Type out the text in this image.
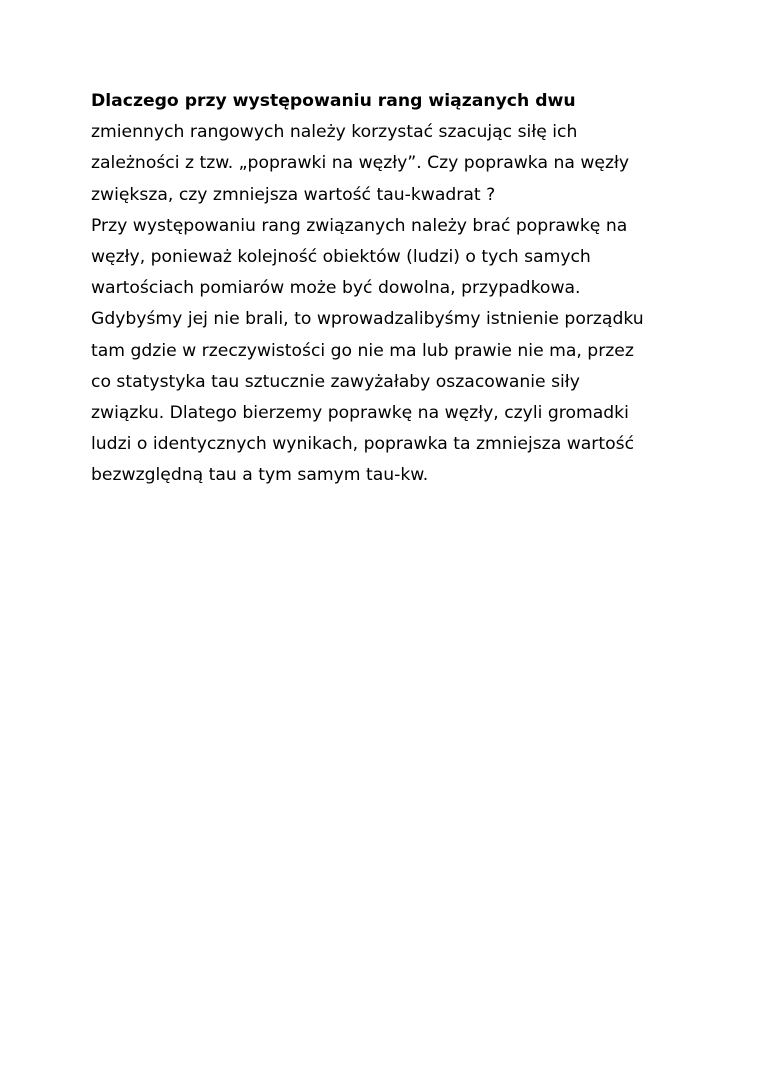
Dlaczego przy występowaniu rang wiązanych dwu
zmiennych rangowych należy korzystać szacując siłę ich
zależności z tzw. „poprawki na węzły”. Czy poprawka na węzły
zwiększa, czy zmniejsza wartość tau-kwadrat ?
Przy występowaniu rang związanych należy brać poprawkę na
węzły, ponieważ kolejność obiektów (ludzi) o tych samych
wartościach pomiarów może być dowolna, przypadkowa.
Gdybyśmy jej nie brali, to wprowadzalibyśmy istnienie porządku
tam gdzie w rzeczywistości go nie ma lub prawie nie ma, przez
co statystyka tau sztucznie zawyżałaby oszacowanie siły
związku. Dlatego bierzemy poprawkę na węzły, czyli gromadki
ludzi o identycznych wynikach, poprawka ta zmniejsza wartość
bezwzględną tau a tym samym tau-kw.
